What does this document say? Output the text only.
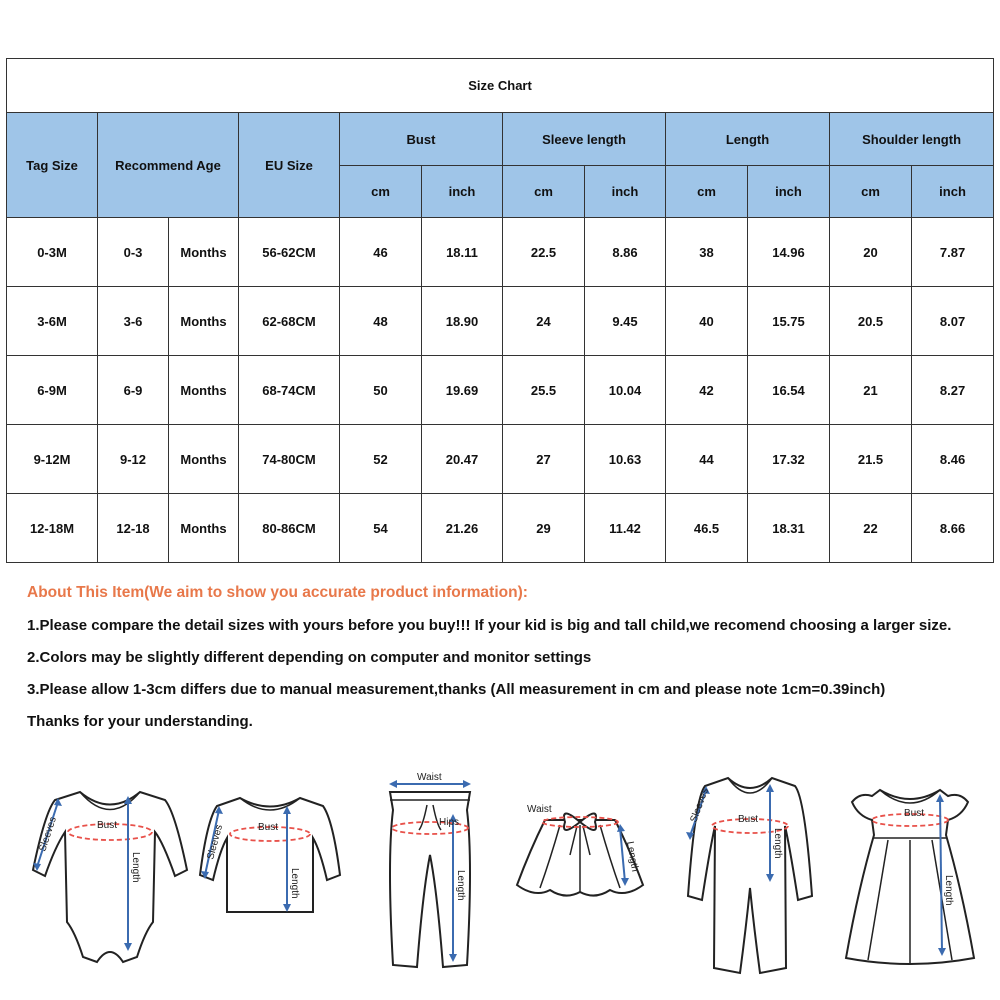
Size Chart											
Tag Size	Recommend Age		EU Size	Bust		Sleeve length		Length		Shoulder length	
				cm	inch	cm	inch	cm	inch	cm	inch
0-3M	0-3	Months	56-62CM	46	18.11	22.5	8.86	38	14.96	20	7.87
3-6M	3-6	Months	62-68CM	48	18.90	24	9.45	40	15.75	20.5	8.07
6-9M	6-9	Months	68-74CM	50	19.69	25.5	10.04	42	16.54	21	8.27
9-12M	9-12	Months	74-80CM	52	20.47	27	10.63	44	17.32	21.5	8.46
12-18M	12-18	Months	80-86CM	54	21.26	29	11.42	46.5	18.31	22	8.66
About This Item(We aim to show you accurate product information):

1.Please compare the detail sizes with yours before you buy!!! If your kid is big and tall child,we recomend choosing a larger size.

2.Colors may be slightly different depending on computer and monitor settings

3.Please allow 1-3cm differs due to manual measurement,thanks (All measurement in cm and please note 1cm=0.39inch)

Thanks for your understanding.

Bust
Sleeves
Length
Bust
Sleeves
Length
Waist
Hips
Length
Waist
Length
Bust
Sleeves
Length
Bust
Length
